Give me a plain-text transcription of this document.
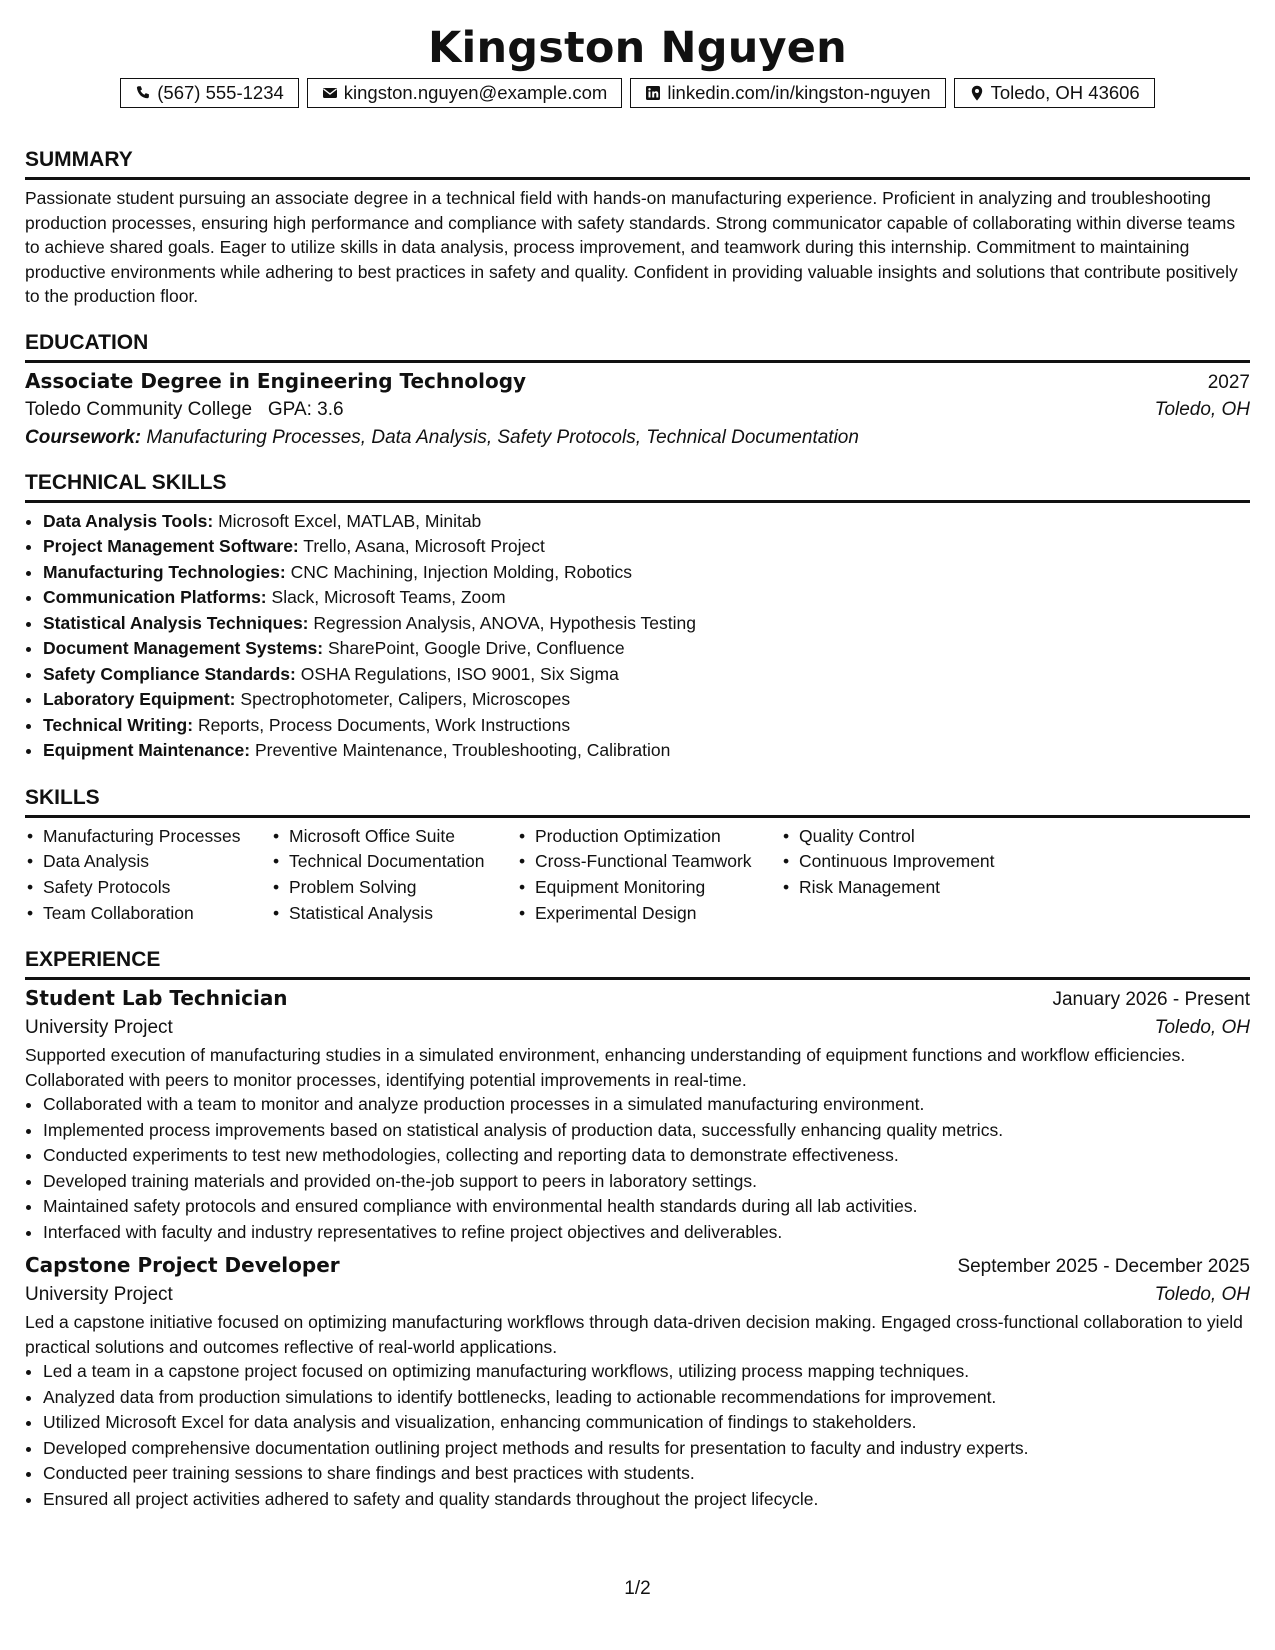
Kingston Nguyen
(567) 555-1234	kingston.nguyen@example.com	linkedin.com/in/kingston-nguyen	Toledo, OH 43606
SUMMARY

Passionate student pursuing an associate degree in a technical field with hands-on manufacturing experience. Proficient in analyzing and troubleshooting production processes, ensuring high performance and compliance with safety standards. Strong communicator capable of collaborating within diverse teams to achieve shared goals. Eager to utilize skills in data analysis, process improvement, and teamwork during this internship. Commitment to maintaining productive environments while adhering to best practices in safety and quality. Confident in providing valuable insights and solutions that contribute positively to the production floor.

EDUCATION
Associate Degree in Engineering Technology	2027
Toledo Community College GPA: 3.6	Toledo, OH
Coursework: Manufacturing Processes, Data Analysis, Safety Protocols, Technical Documentation
TECHNICAL SKILLS
• Data Analysis Tools: Microsoft Excel, MATLAB, Minitab
• Project Management Software: Trello, Asana, Microsoft Project
• Manufacturing Technologies: CNC Machining, Injection Molding, Robotics
• Communication Platforms: Slack, Microsoft Teams, Zoom
• Statistical Analysis Techniques: Regression Analysis, ANOVA, Hypothesis Testing
• Document Management Systems: SharePoint, Google Drive, Confluence
• Safety Compliance Standards: OSHA Regulations, ISO 9001, Six Sigma
• Laboratory Equipment: Spectrophotometer, Calipers, Microscopes
• Technical Writing: Reports, Process Documents, Work Instructions
• Equipment Maintenance: Preventive Maintenance, Troubleshooting, Calibration
SKILLS
• Manufacturing Processes
• Data Analysis
• Safety Protocols
• Team Collaboration
• Microsoft Office Suite
• Technical Documentation
• Problem Solving
• Statistical Analysis
• Production Optimization
• Cross-Functional Teamwork
• Equipment Monitoring
• Experimental Design
• Quality Control
• Continuous Improvement
• Risk Management
EXPERIENCE
Student Lab Technician	January 2026 - Present
University Project	Toledo, OH

Supported execution of manufacturing studies in a simulated environment, enhancing understanding of equipment functions and workflow efficiencies. Collaborated with peers to monitor processes, identifying potential improvements in real-time.

• Collaborated with a team to monitor and analyze production processes in a simulated manufacturing environment.
• Implemented process improvements based on statistical analysis of production data, successfully enhancing quality metrics.
• Conducted experiments to test new methodologies, collecting and reporting data to demonstrate effectiveness.
• Developed training materials and provided on-the-job support to peers in laboratory settings.
• Maintained safety protocols and ensured compliance with environmental health standards during all lab activities.
• Interfaced with faculty and industry representatives to refine project objectives and deliverables.
Capstone Project Developer	September 2025 - December 2025
University Project	Toledo, OH

Led a capstone initiative focused on optimizing manufacturing workflows through data-driven decision making. Engaged cross-functional collaboration to yield practical solutions and outcomes reflective of real-world applications.

• Led a team in a capstone project focused on optimizing manufacturing workflows, utilizing process mapping techniques.
• Analyzed data from production simulations to identify bottlenecks, leading to actionable recommendations for improvement.
• Utilized Microsoft Excel for data analysis and visualization, enhancing communication of findings to stakeholders.
• Developed comprehensive documentation outlining project methods and results for presentation to faculty and industry experts.
• Conducted peer training sessions to share findings and best practices with students.
• Ensured all project activities adhered to safety and quality standards throughout the project lifecycle.
1/2
